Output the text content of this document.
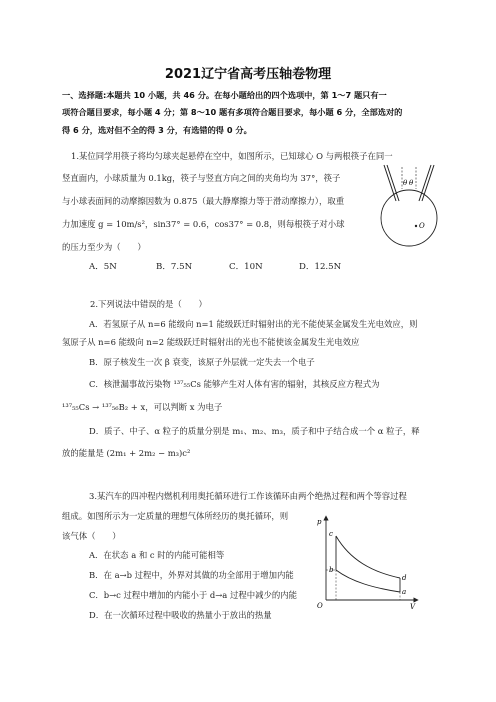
2021辽宁省高考压轴卷物理
一、选择题:本题共 10 小题，共 46 分。在每小题给出的四个选项中，第 1～7 题只有一
项符合题目要求，每小题 4 分；第 8～10 题有多项符合题目要求，每小题 6 分，全部选对的
得 6 分，选对但不全的得 3 分，有选错的得 0 分。
1.某位同学用筷子将均匀球夹起悬停在空中，如图所示，已知球心 O 与两根筷子在同一
竖直面内，小球质量为 0.1kg，筷子与竖直方向之间的夹角均为 37°，筷子
与小球表面间的动摩擦因数为 0.875（最大静摩擦力等于滑动摩擦力），取重
力加速度 g = 10m/s²，sin37° = 0.6，cos37° = 0.8，则每根筷子对小球
的压力至少为（　　）
θ θ
O
A．5N	B．7.5N	C．10N	D．12.5N
2.下列说法中错误的是（　　）
A．若氢原子从 n=6 能级向 n=1 能级跃迁时辐射出的光不能使某金属发生光电效应，则
氢原子从 n=6 能级向 n=2 能级跃迁时辐射出的光也不能使该金属发生光电效应
B．原子核发生一次 β 衰变，该原子外层就一定失去一个电子
C．核泄漏事故污染物 ¹³⁷₅₅Cs 能够产生对人体有害的辐射，其核反应方程式为
¹³⁷₅₅Cs → ¹³⁷₅₆B₂ + x，可以判断 x 为电子
D．质子、中子、α 粒子的质量分别是 m₁、m₂、m₃，质子和中子结合成一个 α 粒子，释
放的能量是 (2m₁ + 2m₂ − m₃)c²
3.某汽车的四冲程内燃机利用奥托循环进行工作该循环由两个绝热过程和两个等容过程
组成。如图所示为一定质量的理想气体所经历的奥托循环，则
该气体（　　）
A．在状态 a 和 c 时的内能可能相等
B．在 a→b 过程中，外界对其做的功全部用于增加内能
C．b→c 过程中增加的内能小于 d→a 过程中减少的内能
D．在一次循环过程中吸收的热量小于放出的热量
p
V
O
c
b
d
a
